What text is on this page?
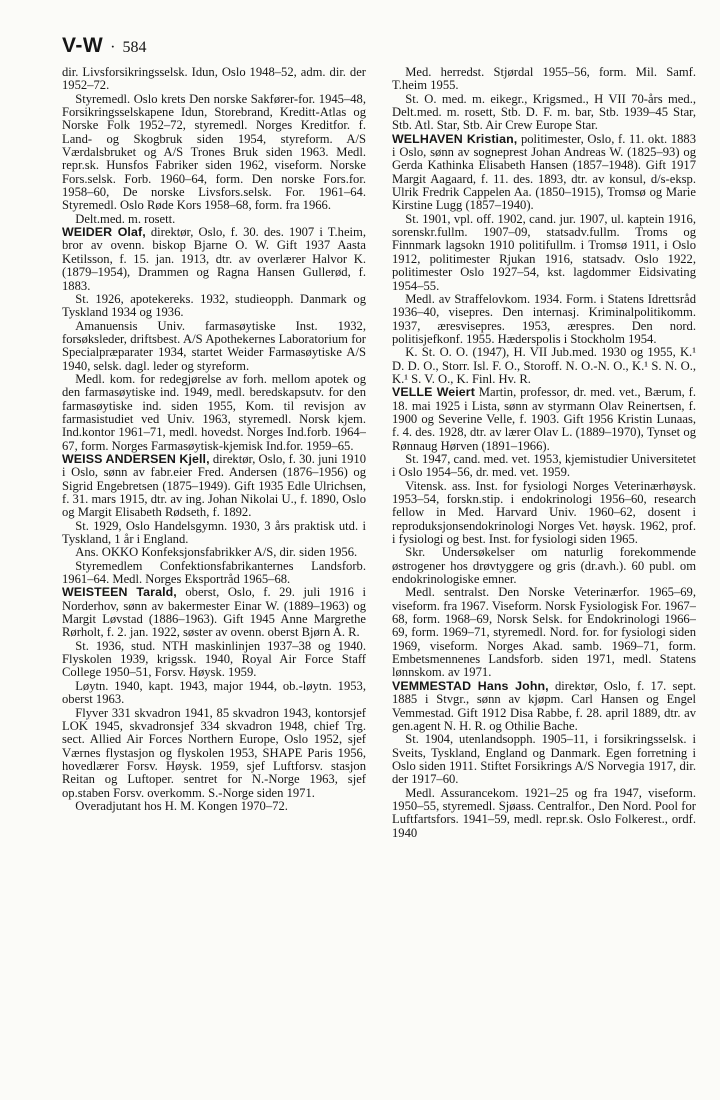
V-W · 584

dir. Livsforsikringsselsk. Idun, Oslo 1948–52, adm. dir. der 1952–72.

Styremedl. Oslo krets Den norske Sakfører-for. 1945–48, Forsikringsselskapene Idun, Storebrand, Kreditt-Atlas og Norske Folk 1952–72, styremedl. Norges Kreditfor. f. Land- og Skogbruk siden 1954, styreform. A/S Værdalsbruket og A/S Trones Bruk siden 1963. Medl. repr.sk. Hunsfos Fabriker siden 1962, viseform. Norske Fors.selsk. Forb. 1960–64, form. Den norske Fors.for. 1958–60, De norske Livsfors.selsk. For. 1961–64. Styremedl. Oslo Røde Kors 1958–68, form. fra 1966.

Delt.med. m. rosett.

WEIDER Olaf, direktør, Oslo, f. 30. des. 1907 i T.heim, bror av ovenn. biskop Bjarne O. W. Gift 1937 Aasta Ketilsson, f. 15. jan. 1913, dtr. av overlærer Halvor K. (1879–1954), Drammen og Ragna Hansen Gullerød, f. 1883.

St. 1926, apotekereks. 1932, studieopph. Danmark og Tyskland 1934 og 1936.

Amanuensis Univ. farmasøytiske Inst. 1932, forsøksleder, driftsbest. A/S Apothekernes Laboratorium for Specialpræparater 1934, startet Weider Farmasøytiske A/S 1940, selsk. dagl. leder og styreform.

Medl. kom. for redegjørelse av forh. mellom apotek og den farmasøytiske ind. 1949, medl. beredskapsutv. for den farmasøytiske ind. siden 1955, Kom. til revisjon av farmasistudiet ved Univ. 1963, styremedl. Norsk kjem. Ind.kontor 1961–71, medl. hovedst. Norges Ind.forb. 1964–67, form. Norges Farmasøytisk-kjemisk Ind.for. 1959–65.

WEISS ANDERSEN Kjell, direktør, Oslo, f. 30. juni 1910 i Oslo, sønn av fabr.eier Fred. Andersen (1876–1956) og Sigrid Engebretsen (1875–1949). Gift 1935 Edle Ulrichsen, f. 31. mars 1915, dtr. av ing. Johan Nikolai U., f. 1890, Oslo og Margit Elisabeth Rødseth, f. 1892.

St. 1929, Oslo Handelsgymn. 1930, 3 års praktisk utd. i Tyskland, 1 år i England.

Ans. OKKO Konfeksjonsfabrikker A/S, dir. siden 1956.

Styremedlem Confektionsfabrikanternes Landsforb. 1961–64. Medl. Norges Eksportråd 1965–68.

WEISTEEN Tarald, oberst, Oslo, f. 29. juli 1916 i Norderhov, sønn av bakermester Einar W. (1889–1963) og Margit Løvstad (1886–1963). Gift 1945 Anne Margrethe Rørholt, f. 2. jan. 1922, søster av ovenn. oberst Bjørn A. R.

St. 1936, stud. NTH maskinlinjen 1937–38 og 1940. Flyskolen 1939, krigssk. 1940, Royal Air Force Staff College 1950–51, Forsv. Høysk. 1959.

Løytn. 1940, kapt. 1943, major 1944, ob.-løytn. 1953, oberst 1963.

Flyver 331 skvadron 1941, 85 skvadron 1943, kontorsjef LOK 1945, skvadronsjef 334 skvadron 1948, chief Trg. sect. Allied Air Forces Northern Europe, Oslo 1952, sjef Værnes flystasjon og flyskolen 1953, SHAPE Paris 1956, hovedlærer Forsv. Høysk. 1959, sjef Luftforsv. stasjon Reitan og Luftoper. sentret for N.-Norge 1963, sjef op.staben Forsv. overkomm. S.-Norge siden 1971.

Overadjutant hos H. M. Kongen 1970–72.

Med. herredst. Stjørdal 1955–56, form. Mil. Samf. T.heim 1955.

St. O. med. m. eikegr., Krigsmed., H VII 70-års med., Delt.med. m. rosett, Stb. D. F. m. bar, Stb. 1939–45 Star, Stb. Atl. Star, Stb. Air Crew Europe Star.

WELHAVEN Kristian, politimester, Oslo, f. 11. okt. 1883 i Oslo, sønn av sogneprest Johan Andreas W. (1825–93) og Gerda Kathinka Elisabeth Hansen (1857–1948). Gift 1917 Margit Aagaard, f. 11. des. 1893, dtr. av konsul, d/s-eksp. Ulrik Fredrik Cappelen Aa. (1850–1915), Tromsø og Marie Kirstine Lugg (1857–1940).

St. 1901, vpl. off. 1902, cand. jur. 1907, ul. kaptein 1916, sorenskr.fullm. 1907–09, statsadv.fullm. Troms og Finnmark lagsokn 1910 politifullm. i Tromsø 1911, i Oslo 1912, politimester Rjukan 1916, statsadv. Oslo 1922, politimester Oslo 1927–54, kst. lagdommer Eidsivating 1954–55.

Medl. av Straffelovkom. 1934. Form. i Statens Idrettsråd 1936–40, visepres. Den internasj. Kriminalpolitikomm. 1937, æresvisepres. 1953, ærespres. Den nord. politisjefkonf. 1955. Hæderspolis i Stockholm 1954.

K. St. O. O. (1947), H. VII Jub.med. 1930 og 1955, K.¹ D. D. O., Storr. Isl. F. O., Storoff. N. O.-N. O., K.¹ S. N. O., K.¹ S. V. O., K. Finl. Hv. R.

VELLE Weiert Martin, professor, dr. med. vet., Bærum, f. 18. mai 1925 i Lista, sønn av styrmann Olav Reinertsen, f. 1900 og Severine Velle, f. 1903. Gift 1956 Kristin Lunaas, f. 4. des. 1928, dtr. av lærer Olav L. (1889–1970), Tynset og Rønnaug Hørven (1891–1966).

St. 1947, cand. med. vet. 1953, kjemistudier Universitetet i Oslo 1954–56, dr. med. vet. 1959.

Vitensk. ass. Inst. for fysiologi Norges Veterinærhøysk. 1953–54, forskn.stip. i endokrinologi 1956–60, research fellow in Med. Harvard Univ. 1960–62, dosent i reproduksjonsendokrinologi Norges Vet. høysk. 1962, prof. i fysiologi og best. Inst. for fysiologi siden 1965.

Skr. Undersøkelser om naturlig forekommende østrogener hos drøvtyggere og gris (dr.avh.). 60 publ. om endokrinologiske emner.

Medl. sentralst. Den Norske Veterinærfor. 1965–69, viseform. fra 1967. Viseform. Norsk Fysiologisk For. 1967–68, form. 1968–69, Norsk Selsk. for Endokrinologi 1966–69, form. 1969–71, styremedl. Nord. for. for fysiologi siden 1969, viseform. Norges Akad. samb. 1969–71, form. Embetsmennenes Landsforb. siden 1971, medl. Statens lønnskom. av 1971.

VEMMESTAD Hans John, direktør, Oslo, f. 17. sept. 1885 i Stvgr., sønn av kjøpm. Carl Hansen og Engel Vemmestad. Gift 1912 Disa Rabbe, f. 28. april 1889, dtr. av gen.agent N. H. R. og Othilie Bache.

St. 1904, utenlandsopph. 1905–11, i forsikringsselsk. i Sveits, Tyskland, England og Danmark. Egen forretning i Oslo siden 1911. Stiftet Forsikrings A/S Norvegia 1917, dir. der 1917–60.

Medl. Assurancekom. 1921–25 og fra 1947, viseform. 1950–55, styremedl. Sjøass. Centralfor., Den Nord. Pool for Luftfartsfors. 1941–59, medl. repr.sk. Oslo Folkerest., ordf. 1940
